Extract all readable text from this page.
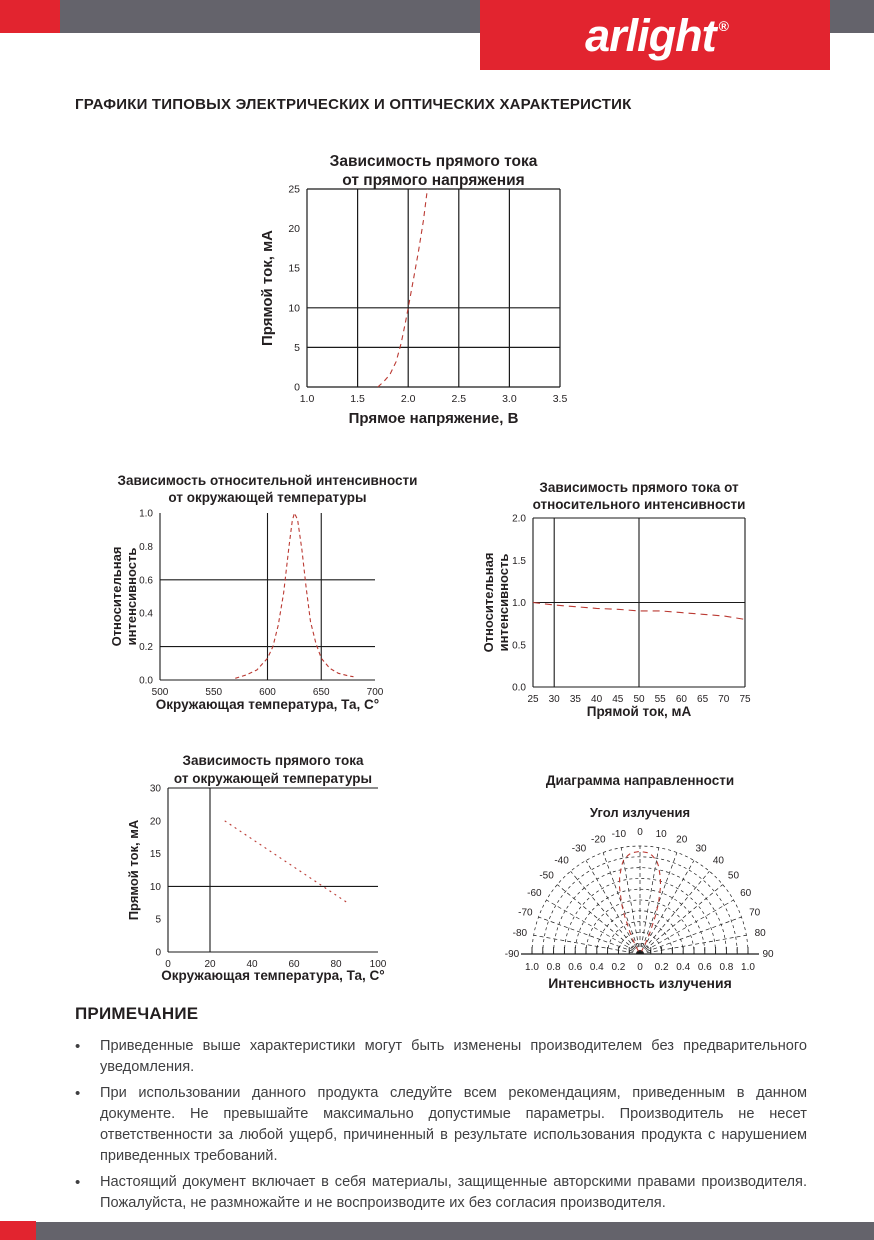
arlight ®
ГРАФИКИ ТИПОВЫХ ЭЛЕКТРИЧЕСКИХ И ОПТИЧЕСКИХ ХАРАКТЕРИСТИК
1.0	1.5	2.0	2.5	3.0	3.5
0
5
10
15
20
25
Зависимость прямого тока
от прямого напряжения
Прямое напряжение, В
Прямой ток, мА
500	550	600	650	700
0.0
0.2
0.4
0.6
0.8
1.0
Зависимость относительной интенсивности
от окружающей температуры
Окружающая температура, Та, С°
Относительная интенсивность
25 30 35 40 45 50 55 60 65 70 75
0.0
0.5
1.0
1.5
2.0
Зависимость прямого тока от
относительного интенсивности
Прямой ток, мА
Относительная интенсивность
0	20	40	60	80	100
0
5
10
15
20
30
Зависимость прямого тока
от окружающей температуры
Окружающая температура, Та, С°
Прямой ток, мА
-90
-80
-70
-60
-50
-40
-30
-20
-10 0 10
20
30
40
50
60
70
80
90
1.0 0.8 0.6 0.4 0.2 0 0.2 0.4 0.6 0.8 1.0
Диаграмма направленности
Угол излучения
Интенсивность излучения
ПРИМЕЧАНИЕ
•	Приведенные выше характеристики могут быть изменены производителем без предварительного уведомления.
•	При использовании данного продукта следуйте всем рекомендациям, приведенным в данном документе. Не превышайте максимально допустимые параметры. Производитель не несет ответственности за любой ущерб, причиненный в результате использования продукта с нарушением приведенных требований.
•	Настоящий документ включает в себя материалы, защищенные авторскими правами производителя. Пожалуйста, не размножайте и не воспроизводите их без согласия производителя.
